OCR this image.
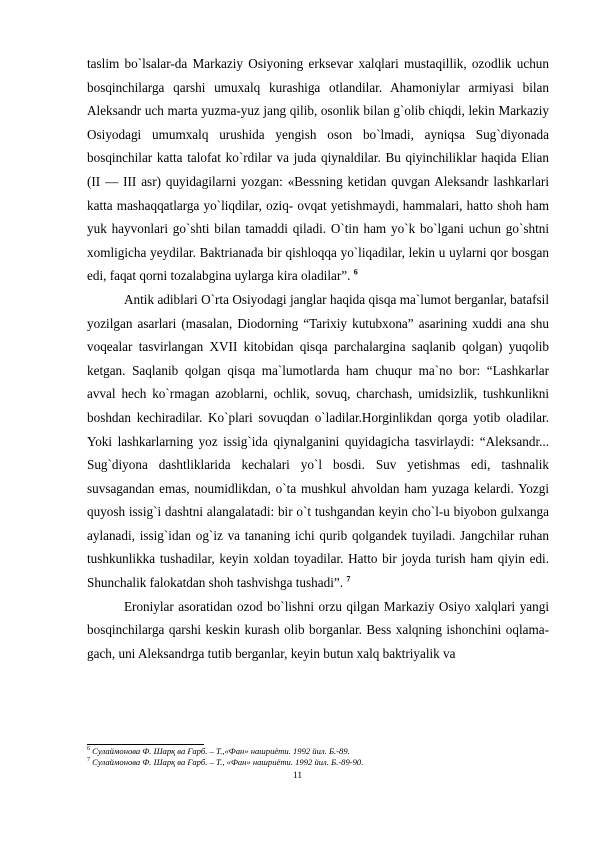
taslim bo`lsalar-da Markaziy Osiyoning erksevar xalqlari mustaqillik, ozodlik uchun bosqinchilarga qarshi umuxalq kurashiga otlandilar. Ahamoniylar armiyasi bilan Aleksandr uch marta yuzma-yuz jang qilib, osonlik bilan g`olib chiqdi, lekin Markaziy Osiyodagi umumxalq urushida yengish oson bo`lmadi, ayniqsa Sug`diyonada bosqinchilar katta talofat ko`rdilar va juda qiynaldilar. Bu qiyinchiliklar haqida Elian (II — III asr) quyidagilarni yozgan: «Bessning ketidan quvgan Aleksandr lashkarlari katta mashaqqatlarga yo`liqdilar, oziq- ovqat yetishmaydi, hammalari, hatto shoh ham yuk hayvonlari go`shti bilan tamaddi qiladi. O`tin ham yo`k bo`lgani uchun go`shtni xomligicha yeydilar. Baktrianada bir qishloqqa yo`liqadilar, lekin u uylarni qor bosgan edi, faqat qorni tozalabgina uylarga kira oladilar”. $^6$

Antik adiblari O`rta Osiyodagi janglar haqida qisqa ma`lumot berganlar, batafsil yozilgan asarlari (masalan, Diodorning “Tarixiy kutubxona” asarining xuddi ana shu voqealar tasvirlangan XVII kitobidan qisqa parchalargina saqlanib qolgan) yuqolib ketgan. Saqlanib qolgan qisqa ma`lumotlarda ham chuqur ma`no bor: “Lashkarlar avval hech ko`rmagan azoblarni, ochlik, sovuq, charchash, umidsizlik, tushkunlikni boshdan kechiradilar. Ko`plari sovuqdan o`ladilar.Horginlikdan qorga yotib oladilar. Yoki lashkarlarning yoz issig`ida qiynalganini quyidagicha tasvirlaydi: “Aleksandr... Sug`diyona dashtliklarida kechalari yo`l bosdi. Suv yetishmas edi, tashnalik suvsagandan emas, noumidlikdan, o`ta mushkul ahvoldan ham yuzaga kelardi. Yozgi quyosh issig`i dashtni alangalatadi: bir o`t tushgandan keyin cho`l-u biyobon gulxanga aylanadi, issig`idan og`iz va tananing ichi qurib qolgandek tuyiladi. Jangchilar ruhan tushkunlikka tushadilar, keyin xoldan toyadilar. Hatto bir joyda turish ham qiyin edi. Shunchalik falokatdan shoh tashvishga tushadi”. $^7$

Eroniylar asoratidan ozod bo`lishni orzu qilgan Markaziy Osiyo xalqlari yangi bosqinchilarga qarshi keskin kurash olib borganlar. Bess xalqning ishonchini oqlama-gach, uni Aleksandrga tutib berganlar, keyin butun xalq baktriyalik va

$^6$ Сулаймонова Ф. Шарқ ва Ғарб. – Т.,«Фан» нашриёти. 1992 йил. Б.-89.
$^7$ Сулаймонова Ф. Шарқ ва Ғарб. – Т., «Фан» нашриёти. 1992 йил. Б.-89-90.
11
